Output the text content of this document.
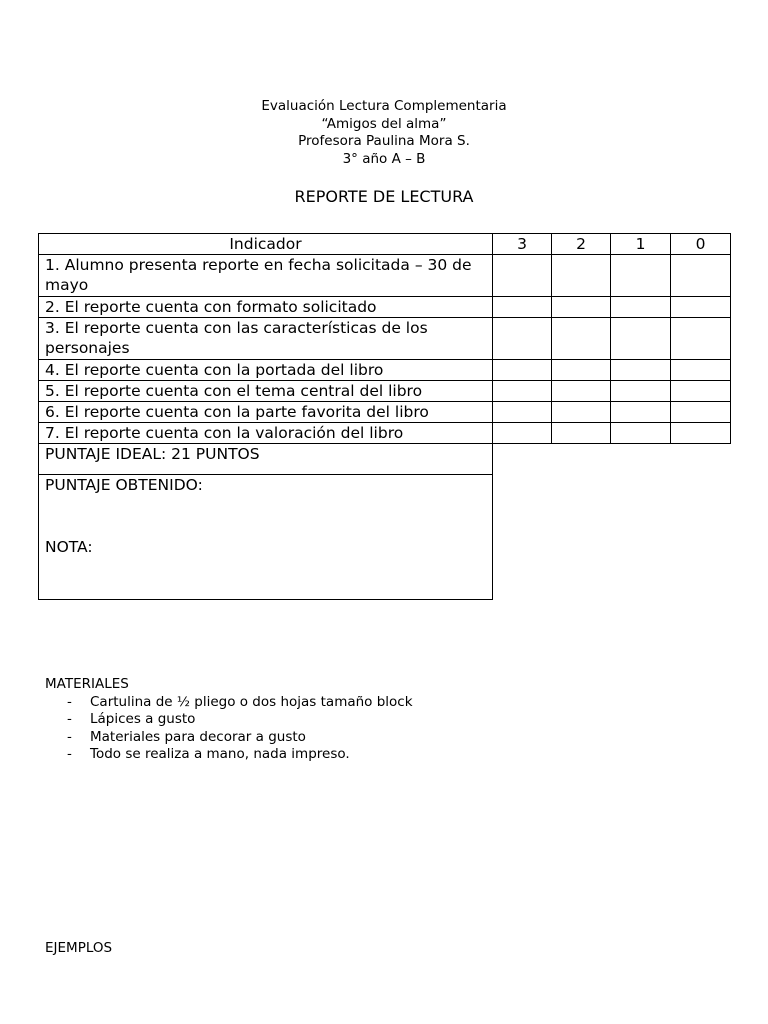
Evaluación Lectura Complementaria
“Amigos del alma”
Profesora Paulina Mora S.
3° año A – B
REPORTE DE LECTURA
Indicador	3	2	1	0
1. Alumno presenta reporte en fecha solicitada – 30 de mayo				
2. El reporte cuenta con formato solicitado				
3. El reporte cuenta con las características de los personajes				
4. El reporte cuenta con la portada del libro				
5. El reporte cuenta con el tema central del libro				
6. El reporte cuenta con la parte favorita del libro				
7. El reporte cuenta con la valoración del libro				
PUNTAJE IDEAL: 21 PUNTOS				

PUNTAJE OBTENIDO:
NOTA:				

MATERIALES
- Cartulina de ½ pliego o dos hojas tamaño block
- Lápices a gusto
- Materiales para decorar a gusto
- Todo se realiza a mano, nada impreso.
EJEMPLOS
